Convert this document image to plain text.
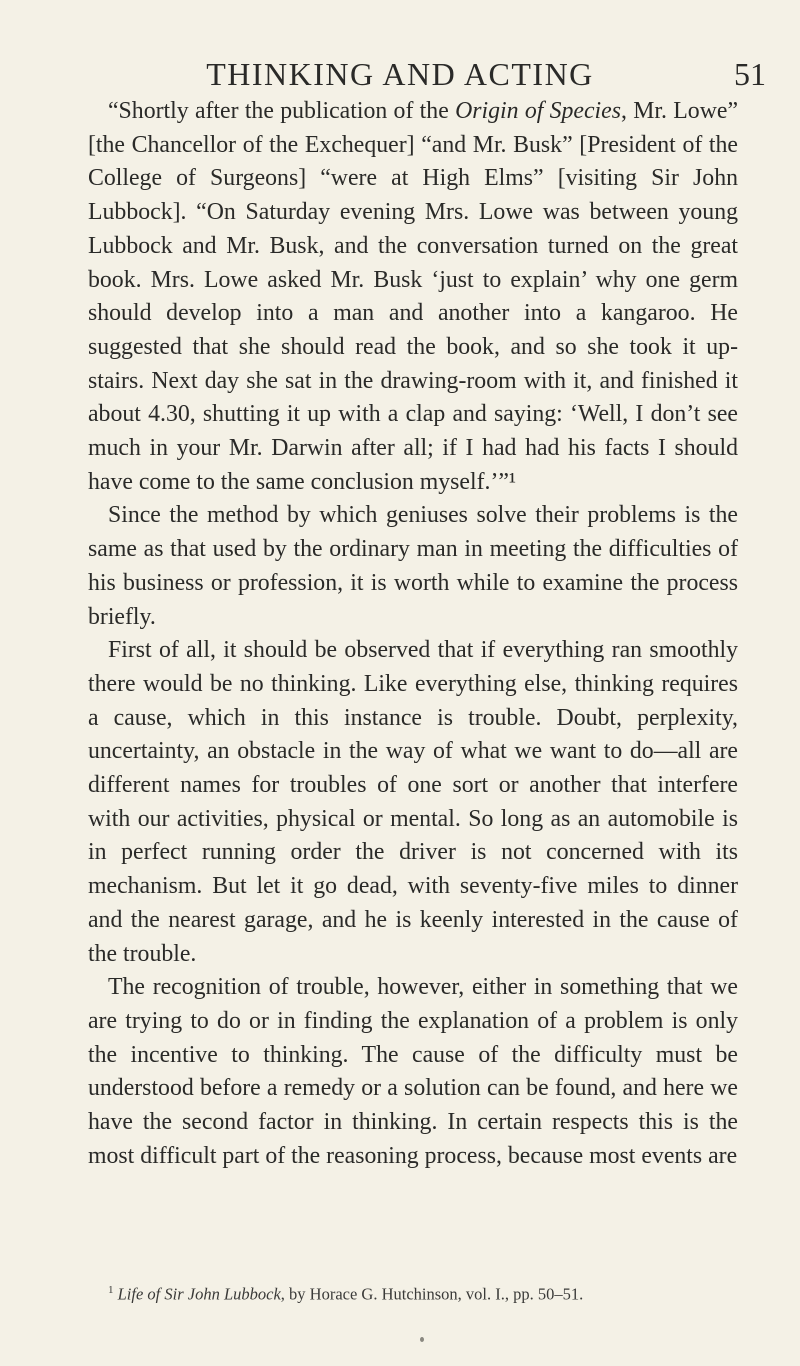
THINKING AND ACTING	51

“Shortly after the publication of the Origin of Species, Mr. Lowe” [the Chancellor of the Exchequer] “and Mr. Busk” [President of the College of Surgeons] “were at High Elms” [visiting Sir John Lubbock]. “On Saturday evening Mrs. Lowe was between young Lubbock and Mr. Busk, and the conversation turned on the great book. Mrs. Lowe asked Mr. Busk ‘just to explain’ why one germ should develop into a man and another into a kangaroo. He suggested that she should read the book, and so she took it up-stairs. Next day she sat in the drawing-room with it, and finished it about 4.30, shutting it up with a clap and saying: ‘Well, I don’t see much in your Mr. Darwin after all; if I had had his facts I should have come to the same conclusion myself.’”¹

Since the method by which geniuses solve their problems is the same as that used by the ordinary man in meeting the difficulties of his business or profession, it is worth while to examine the process briefly.

First of all, it should be observed that if everything ran smoothly there would be no thinking. Like everything else, thinking requires a cause, which in this instance is trouble. Doubt, perplexity, uncertainty, an obstacle in the way of what we want to do—all are different names for troubles of one sort or another that interfere with our activities, physical or mental. So long as an automobile is in perfect running order the driver is not concerned with its mechanism. But let it go dead, with seventy-five miles to dinner and the nearest garage, and he is keenly interested in the cause of the trouble.

The recognition of trouble, however, either in something that we are trying to do or in finding the explanation of a problem is only the incentive to thinking. The cause of the difficulty must be understood before a remedy or a solution can be found, and here we have the second factor in thinking. In certain respects this is the most difficult part of the reasoning process, because most events are

$^1$ Life of Sir John Lubbock, by Horace G. Hutchinson, vol. I., pp. 50–51.
